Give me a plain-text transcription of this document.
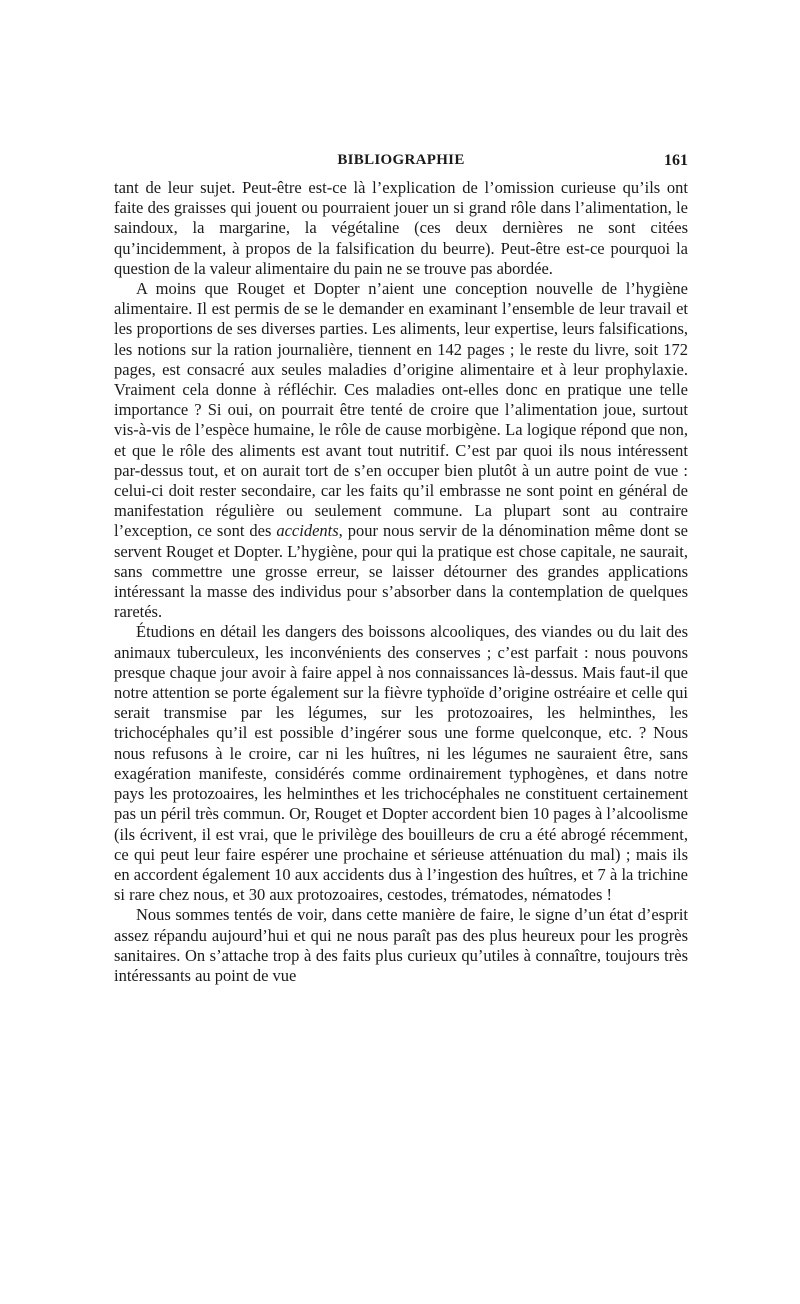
BIBLIOGRAPHIE	161

tant de leur sujet. Peut-être est-ce là l’explication de l’omission curieuse qu’ils ont faite des graisses qui jouent ou pourraient jouer un si grand rôle dans l’alimentation, le saindoux, la margarine, la végétaline (ces deux dernières ne sont citées qu’incidemment, à propos de la falsification du beurre). Peut-être est-ce pourquoi la question de la valeur alimentaire du pain ne se trouve pas abordée.

A moins que Rouget et Dopter n’aient une conception nouvelle de l’hygiène alimentaire. Il est permis de se le demander en examinant l’ensemble de leur travail et les proportions de ses diverses parties. Les aliments, leur expertise, leurs falsifications, les notions sur la ration journalière, tiennent en 142 pages ; le reste du livre, soit 172 pages, est consacré aux seules maladies d’origine alimentaire et à leur prophylaxie. Vraiment cela donne à réfléchir. Ces maladies ont-elles donc en pratique une telle importance ? Si oui, on pourrait être tenté de croire que l’alimentation joue, surtout vis-à-vis de l’espèce humaine, le rôle de cause morbigène. La logique répond que non, et que le rôle des aliments est avant tout nutritif. C’est par quoi ils nous intéressent par-dessus tout, et on aurait tort de s’en occuper bien plutôt à un autre point de vue : celui-ci doit rester secondaire, car les faits qu’il embrasse ne sont point en général de manifestation régulière ou seulement commune. La plupart sont au contraire l’exception, ce sont des accidents, pour nous servir de la dénomination même dont se servent Rouget et Dopter. L’hygiène, pour qui la pratique est chose capitale, ne saurait, sans commettre une grosse erreur, se laisser détourner des grandes applications intéressant la masse des individus pour s’absorber dans la contemplation de quelques raretés.

Étudions en détail les dangers des boissons alcooliques, des viandes ou du lait des animaux tuberculeux, les inconvénients des conserves ; c’est parfait : nous pouvons presque chaque jour avoir à faire appel à nos connaissances là-dessus. Mais faut-il que notre attention se porte également sur la fièvre typhoïde d’origine ostréaire et celle qui serait transmise par les légumes, sur les protozoaires, les helminthes, les trichocéphales qu’il est possible d’ingérer sous une forme quelconque, etc. ? Nous nous refusons à le croire, car ni les huîtres, ni les légumes ne sauraient être, sans exagération manifeste, considérés comme ordinairement typhogènes, et dans notre pays les protozoaires, les helminthes et les trichocéphales ne constituent certainement pas un péril très commun. Or, Rouget et Dopter accordent bien 10 pages à l’alcoolisme (ils écrivent, il est vrai, que le privilège des bouilleurs de cru a été abrogé récemment, ce qui peut leur faire espérer une prochaine et sérieuse atténuation du mal) ; mais ils en accordent également 10 aux accidents dus à l’ingestion des huîtres, et 7 à la trichine si rare chez nous, et 30 aux protozoaires, cestodes, trématodes, nématodes !

Nous sommes tentés de voir, dans cette manière de faire, le signe d’un état d’esprit assez répandu aujourd’hui et qui ne nous paraît pas des plus heureux pour les progrès sanitaires. On s’attache trop à des faits plus curieux qu’utiles à connaître, toujours très intéressants au point de vue
